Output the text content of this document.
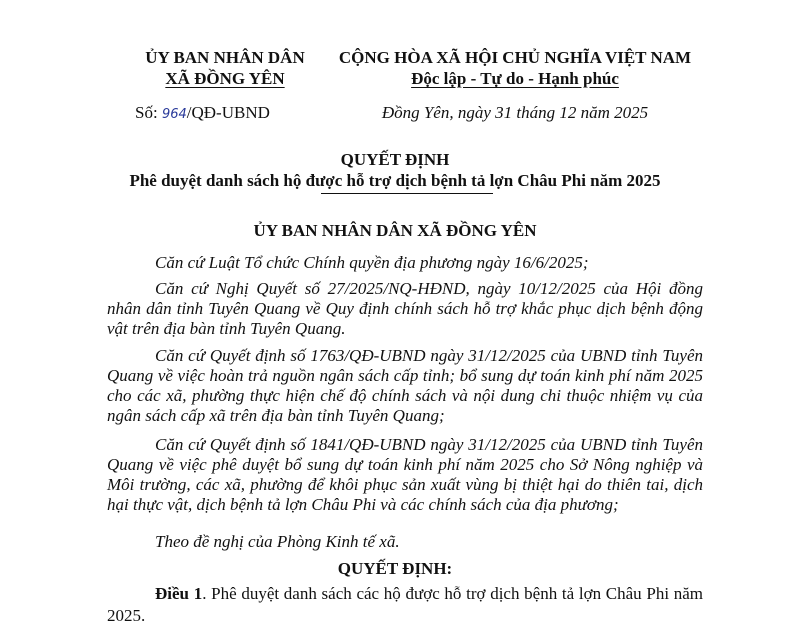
ỦY BAN NHÂN DÂN
XÃ ĐỒNG YÊN
Số: 964/QĐ-UBND
CỘNG HÒA XÃ HỘI CHỦ NGHĨA VIỆT NAM
Độc lập - Tự do - Hạnh phúc
Đồng Yên, ngày 31 tháng 12 năm 2025
QUYẾT ĐỊNH
Phê duyệt danh sách hộ được hỗ trợ dịch bệnh tả lợn Châu Phi năm 2025
ỦY BAN NHÂN DÂN XÃ ĐỒNG YÊN
Căn cứ Luật Tổ chức Chính quyền địa phương ngày 16/6/2025;
Căn cứ Nghị Quyết số 27/2025/NQ-HĐND, ngày 10/12/2025 của Hội đồng nhân dân tỉnh Tuyên Quang về Quy định chính sách hỗ trợ khắc phục dịch bệnh động vật trên địa bàn tỉnh Tuyên Quang.
Căn cứ Quyết định số 1763/QĐ-UBND ngày 31/12/2025 của UBND tỉnh Tuyên Quang về việc hoàn trả nguồn ngân sách cấp tỉnh; bổ sung dự toán kinh phí năm 2025 cho các xã, phường thực hiện chế độ chính sách và nội dung chi thuộc nhiệm vụ của ngân sách cấp xã trên địa bàn tỉnh Tuyên Quang;
Căn cứ Quyết định số 1841/QĐ-UBND ngày 31/12/2025 của UBND tỉnh Tuyên Quang về việc phê duyệt bổ sung dự toán kinh phí năm 2025 cho Sở Nông nghiệp và Môi trường, các xã, phường để khôi phục sản xuất vùng bị thiệt hại do thiên tai, dịch hại thực vật, dịch bệnh tả lợn Châu Phi và các chính sách của địa phương;
Theo đề nghị của Phòng Kinh tế xã.
QUYẾT ĐỊNH:
Điều 1. Phê duyệt danh sách các hộ được hỗ trợ dịch bệnh tả lợn Châu Phi năm 2025.
